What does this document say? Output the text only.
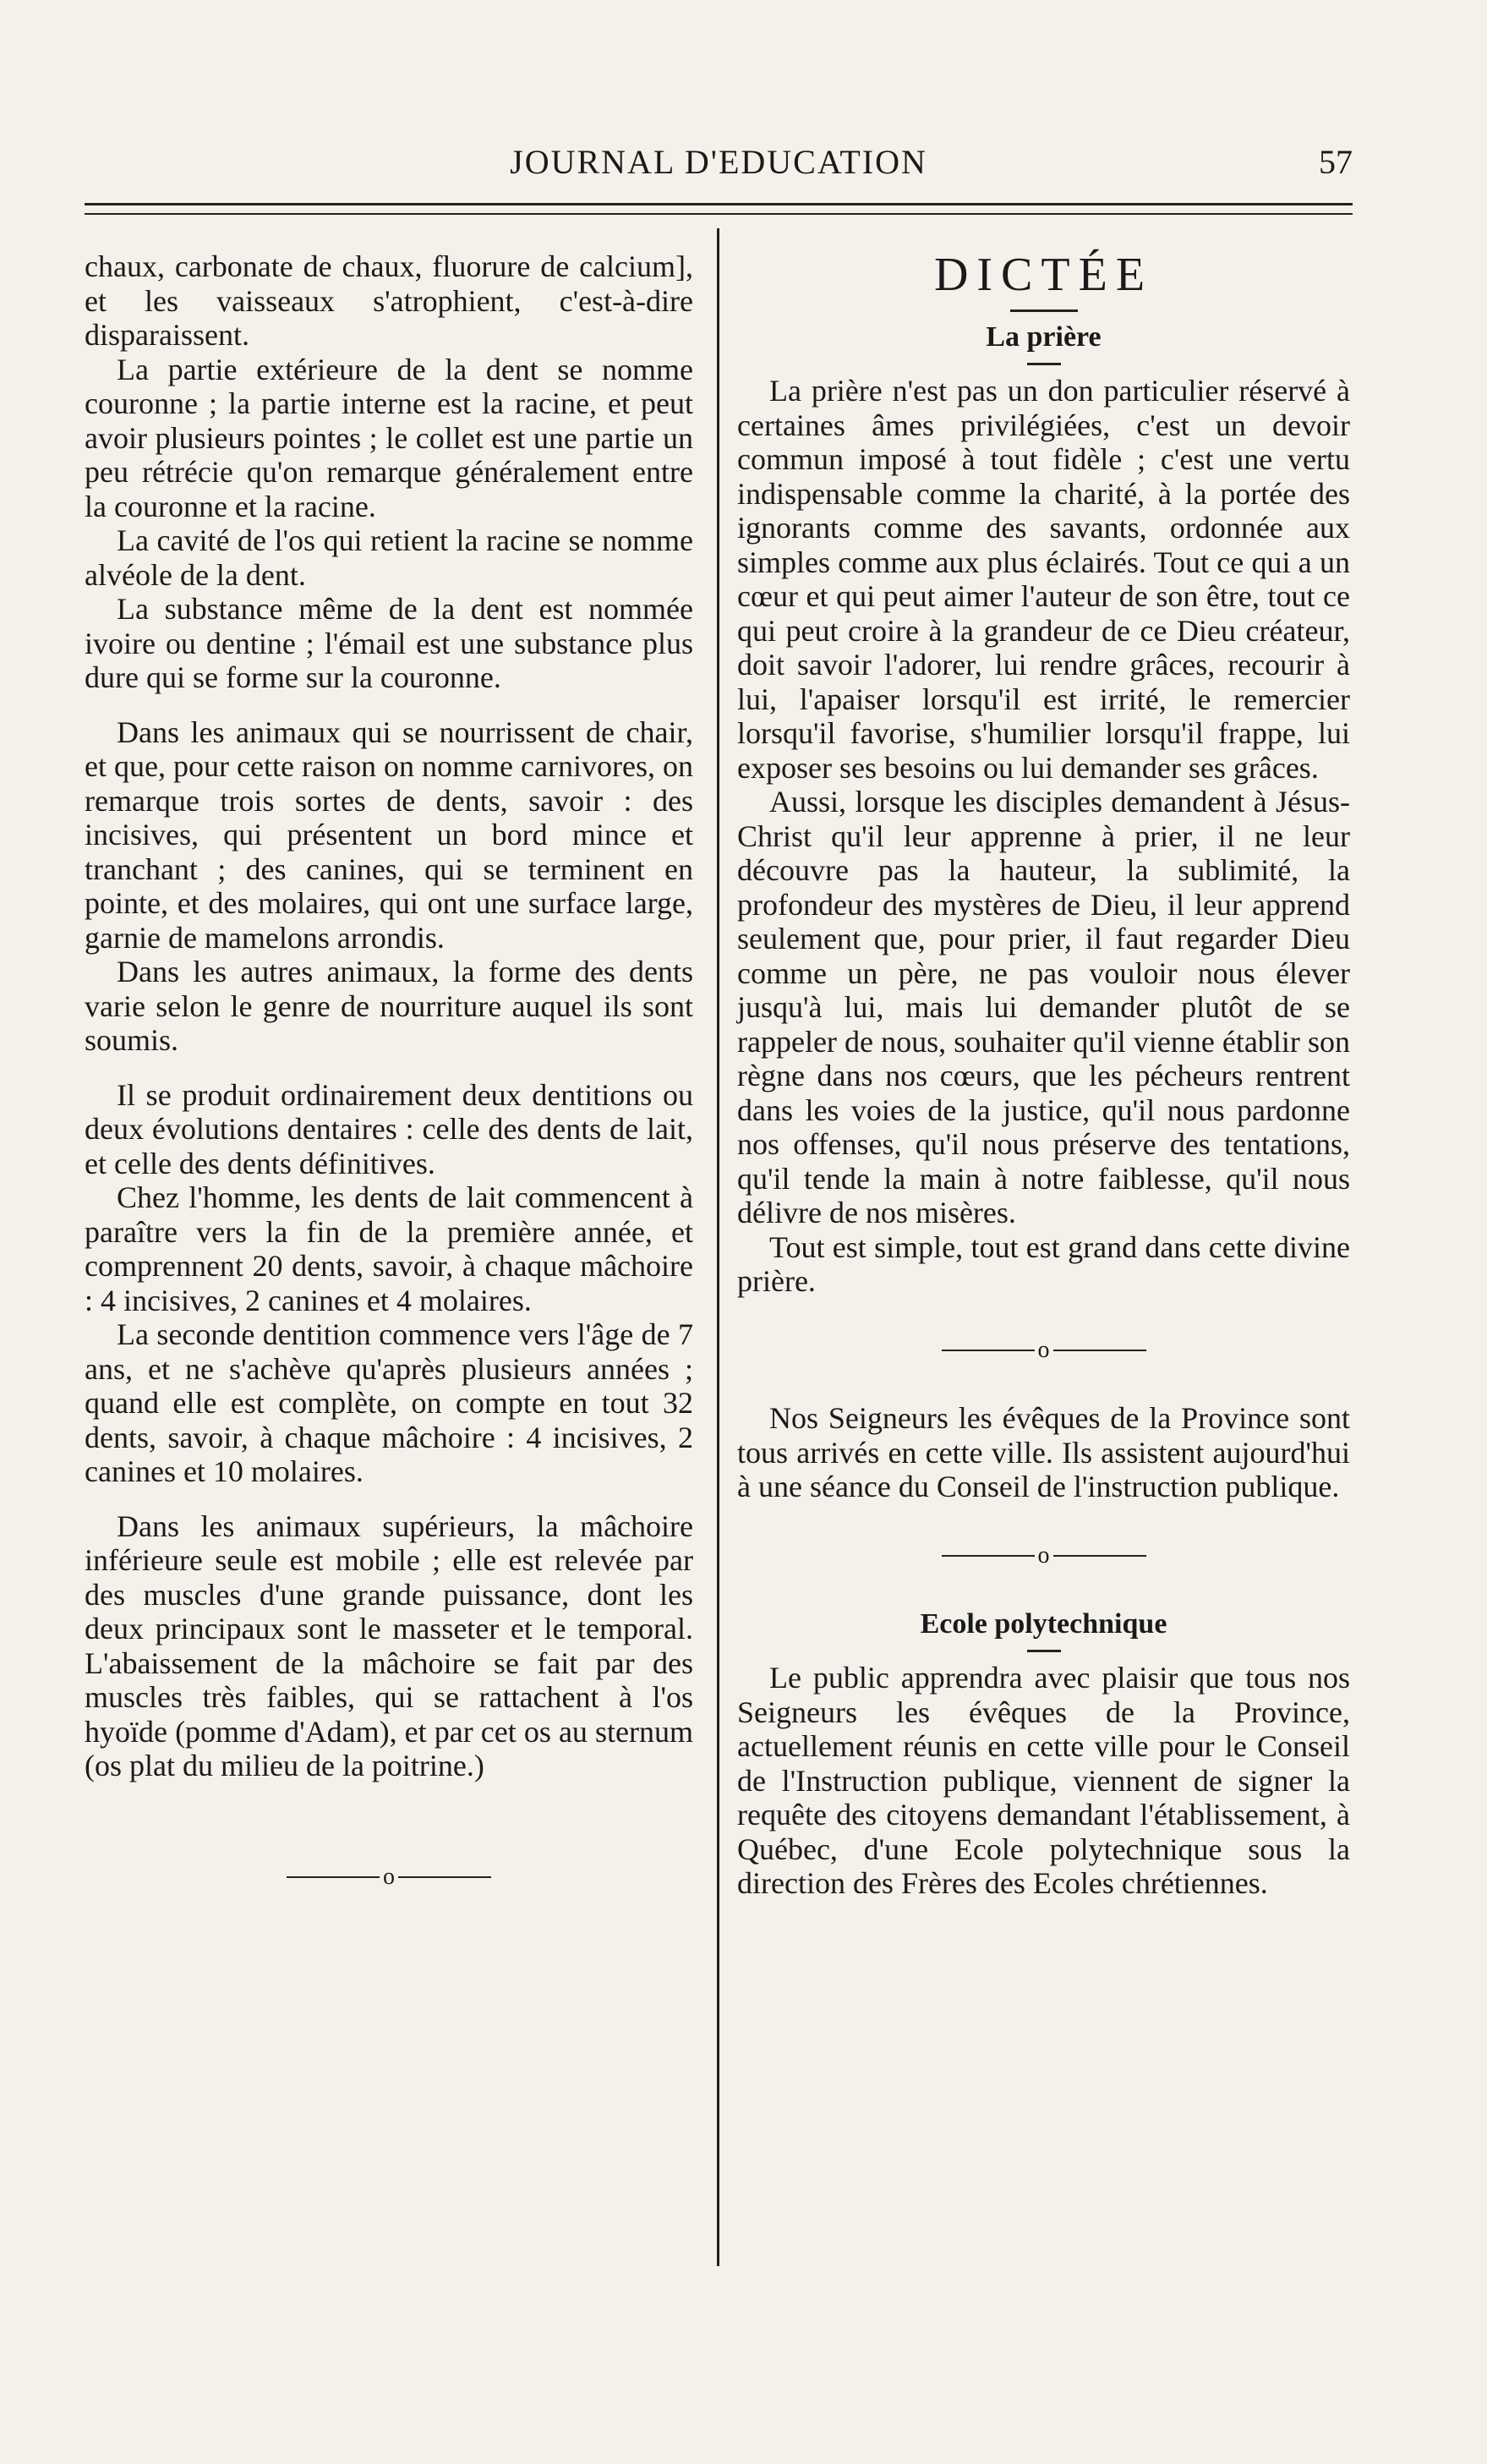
JOURNAL D'EDUCATION	57

chaux, carbonate de chaux, fluorure de calcium], et les vaisseaux s'atrophient, c'est-à-dire disparaissent.

La partie extérieure de la dent se nomme couronne ; la partie interne est la racine, et peut avoir plusieurs pointes ; le collet est une partie un peu rétrécie qu'on remarque généralement entre la couronne et la racine.

La cavité de l'os qui retient la racine se nomme alvéole de la dent.

La substance même de la dent est nommée ivoire ou dentine ; l'émail est une substance plus dure qui se forme sur la couronne.

Dans les animaux qui se nourrissent de chair, et que, pour cette raison on nomme carnivores, on remarque trois sortes de dents, savoir : des incisives, qui présentent un bord mince et tranchant ; des canines, qui se terminent en pointe, et des molaires, qui ont une surface large, garnie de mamelons arrondis.

Dans les autres animaux, la forme des dents varie selon le genre de nourriture auquel ils sont soumis.

Il se produit ordinairement deux dentitions ou deux évolutions dentaires : celle des dents de lait, et celle des dents définitives.

Chez l'homme, les dents de lait commencent à paraître vers la fin de la première année, et comprennent 20 dents, savoir, à chaque mâchoire : 4 incisives, 2 canines et 4 molaires.

La seconde dentition commence vers l'âge de 7 ans, et ne s'achève qu'après plusieurs années ; quand elle est complète, on compte en tout 32 dents, savoir, à chaque mâchoire : 4 incisives, 2 canines et 10 molaires.

Dans les animaux supérieurs, la mâchoire inférieure seule est mobile ; elle est relevée par des muscles d'une grande puissance, dont les deux principaux sont le masseter et le temporal. L'abaissement de la mâchoire se fait par des muscles très faibles, qui se rattachent à l'os hyoïde (pomme d'Adam), et par cet os au sternum (os plat du milieu de la poitrine.)

o
DICTÉE
La prière

La prière n'est pas un don particulier réservé à certaines âmes privilégiées, c'est un devoir commun imposé à tout fidèle ; c'est une vertu indispensable comme la charité, à la portée des ignorants comme des savants, ordonnée aux simples comme aux plus éclairés. Tout ce qui a un cœur et qui peut aimer l'auteur de son être, tout ce qui peut croire à la grandeur de ce Dieu créateur, doit savoir l'adorer, lui rendre grâces, recourir à lui, l'apaiser lorsqu'il est irrité, le remercier lorsqu'il favorise, s'humilier lorsqu'il frappe, lui exposer ses besoins ou lui demander ses grâces.

Aussi, lorsque les disciples demandent à Jésus-Christ qu'il leur apprenne à prier, il ne leur découvre pas la hauteur, la sublimité, la profondeur des mystères de Dieu, il leur apprend seulement que, pour prier, il faut regarder Dieu comme un père, ne pas vouloir nous élever jusqu'à lui, mais lui demander plutôt de se rappeler de nous, souhaiter qu'il vienne établir son règne dans nos cœurs, que les pécheurs rentrent dans les voies de la justice, qu'il nous pardonne nos offenses, qu'il nous préserve des tentations, qu'il tende la main à notre faiblesse, qu'il nous délivre de nos misères.

Tout est simple, tout est grand dans cette divine prière.

o

Nos Seigneurs les évêques de la Province sont tous arrivés en cette ville. Ils assistent aujourd'hui à une séance du Conseil de l'instruction publique.

o
Ecole polytechnique

Le public apprendra avec plaisir que tous nos Seigneurs les évêques de la Province, actuellement réunis en cette ville pour le Conseil de l'Instruction publique, viennent de signer la requête des citoyens demandant l'établissement, à Québec, d'une Ecole polytechnique sous la direction des Frères des Ecoles chrétiennes.
